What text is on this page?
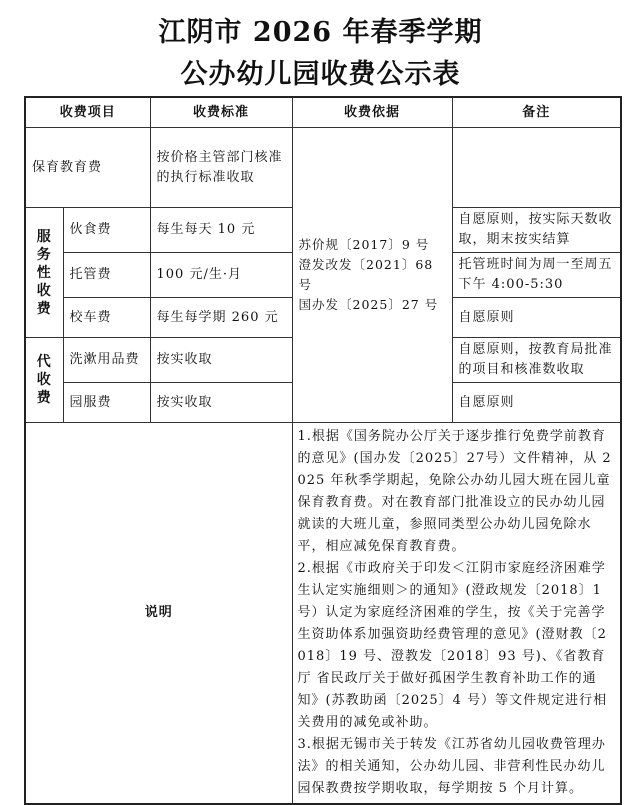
江阴市 2026 年春季学期
公办幼儿园收费公示表
收费项目		收费标准	收费依据	备注
保育教育费		按价格主管部门核准的执行标准收取	苏价规〔2017〕9 号
澄发改发〔2021〕68 号
国办发〔2025〕27 号	

服务性收费	伙食费	每生每天 10 元		自愿原则，按实际天数收取，期末按实结算
	托管费	100 元/生·月		托管班时间为周一至周五下午 4:00-5:30
	校车费	每生每学期 260 元		自愿原则
代收费	洗漱用品费	按实收取		自愿原则，按教育局批准的项目和核准数收取
	园服费	按实收取		自愿原则
说明			1.根据《国务院办公厅关于逐步推行免费学前教育的意见》(国办发〔2025〕27号）文件精神，从 2025 年秋季学期起，免除公办幼儿园大班在园儿童保育教育费。对在教育部门批准设立的民办幼儿园就读的大班儿童，参照同类型公办幼儿园免除水平，相应减免保育教育费。

2.根据《市政府关于印发＜江阴市家庭经济困难学生认定实施细则＞的通知》(澄政规发〔2018〕1 号）认定为家庭经济困难的学生，按《关于完善学生资助体系加强资助经费管理的意见》(澄财教〔2018〕19 号、澄教发〔2018〕93 号)、《省教育厅 省民政厅关于做好孤困学生教育补助工作的通知》(苏教助函〔2025〕4 号）等文件规定进行相关费用的减免或补助。

3.根据无锡市关于转发《江苏省幼儿园收费管理办法》的相关通知，公办幼儿园、非营利性民办幼儿园保教费按学期收取，每学期按 5 个月计算。	
